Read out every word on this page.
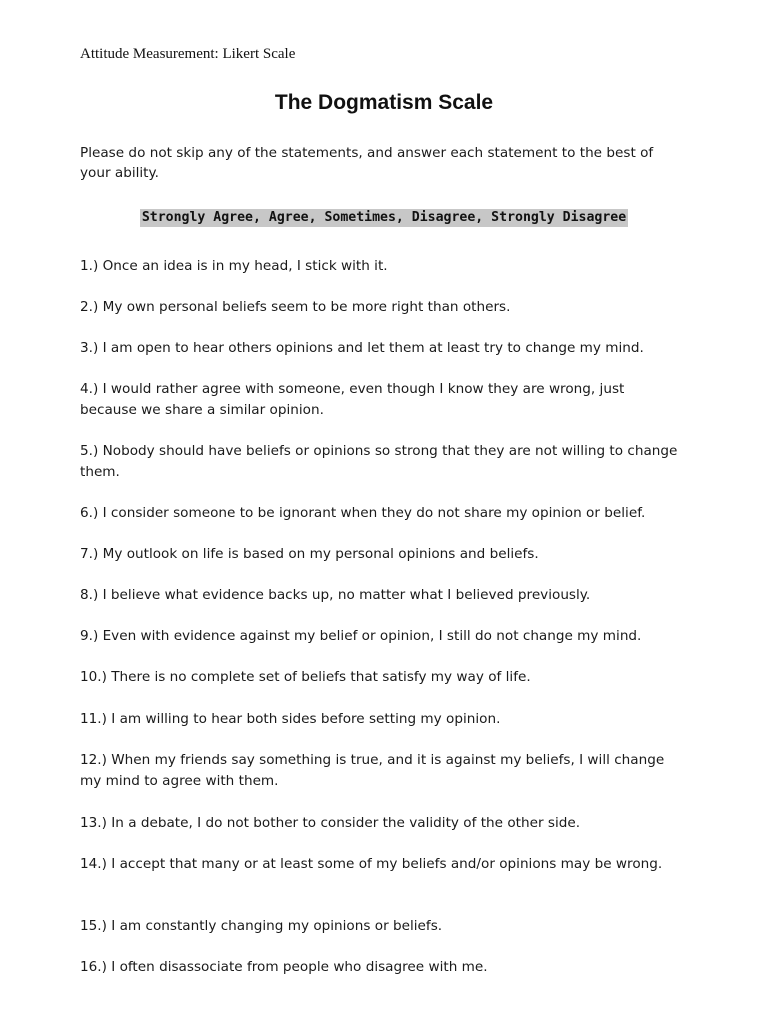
Attitude Measurement: Likert Scale
The Dogmatism Scale
Please do not skip any of the statements, and answer each statement to the best of your ability.
Strongly Agree, Agree, Sometimes, Disagree, Strongly Disagree
1.) Once an idea is in my head, I stick with it.
2.) My own personal beliefs seem to be more right than others.
3.) I am open to hear others opinions and let them at least try to change my mind.
4.) I would rather agree with someone, even though I know they are wrong, just because we share a similar opinion.
5.) Nobody should have beliefs or opinions so strong that they are not willing to change them.
6.) I consider someone to be ignorant when they do not share my opinion or belief.
7.) My outlook on life is based on my personal opinions and beliefs.
8.) I believe what evidence backs up, no matter what I believed previously.
9.) Even with evidence against my belief or opinion, I still do not change my mind.
10.) There is no complete set of beliefs that satisfy my way of life.
11.) I am willing to hear both sides before setting my opinion.
12.) When my friends say something is true, and it is against my beliefs, I will change my mind to agree with them.
13.) In a debate, I do not bother to consider the validity of the other side.
14.) I accept that many or at least some of my beliefs and/or opinions may be wrong.
15.) I am constantly changing my opinions or beliefs.
16.) I often disassociate from people who disagree with me.
